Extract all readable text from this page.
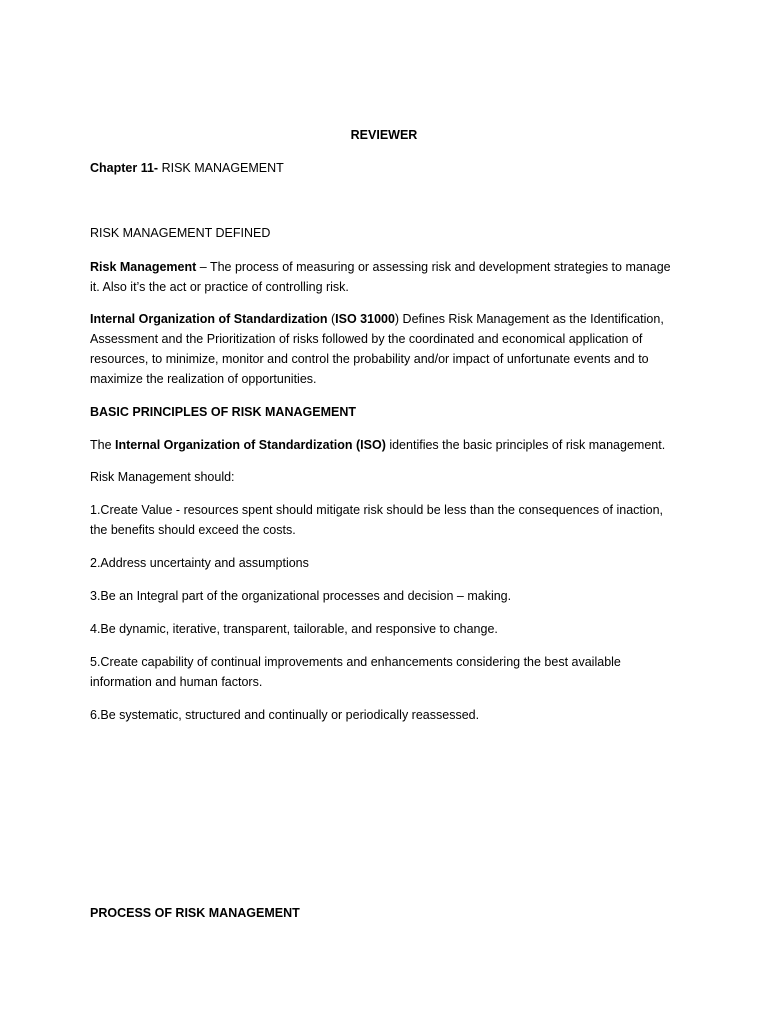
REVIEWER

Chapter 11- RISK MANAGEMENT

RISK MANAGEMENT DEFINED

Risk Management – The process of measuring or assessing risk and development strategies to manage it. Also it’s the act or practice of controlling risk.

Internal Organization of Standardization (ISO 31000) Defines Risk Management as the Identification, Assessment and the Prioritization of risks followed by the coordinated and economical application of resources, to minimize, monitor and control the probability and/or impact of unfortunate events and to maximize the realization of opportunities.

BASIC PRINCIPLES OF RISK MANAGEMENT

The Internal Organization of Standardization (ISO) identifies the basic principles of risk management.

Risk Management should:

1.Create Value - resources spent should mitigate risk should be less than the consequences of inaction, the benefits should exceed the costs.

2.Address uncertainty and assumptions

3.Be an Integral part of the organizational processes and decision – making.

4.Be dynamic, iterative, transparent, tailorable, and responsive to change.

5.Create capability of continual improvements and enhancements considering the best available information and human factors.

6.Be systematic, structured and continually or periodically reassessed.

PROCESS OF RISK MANAGEMENT
